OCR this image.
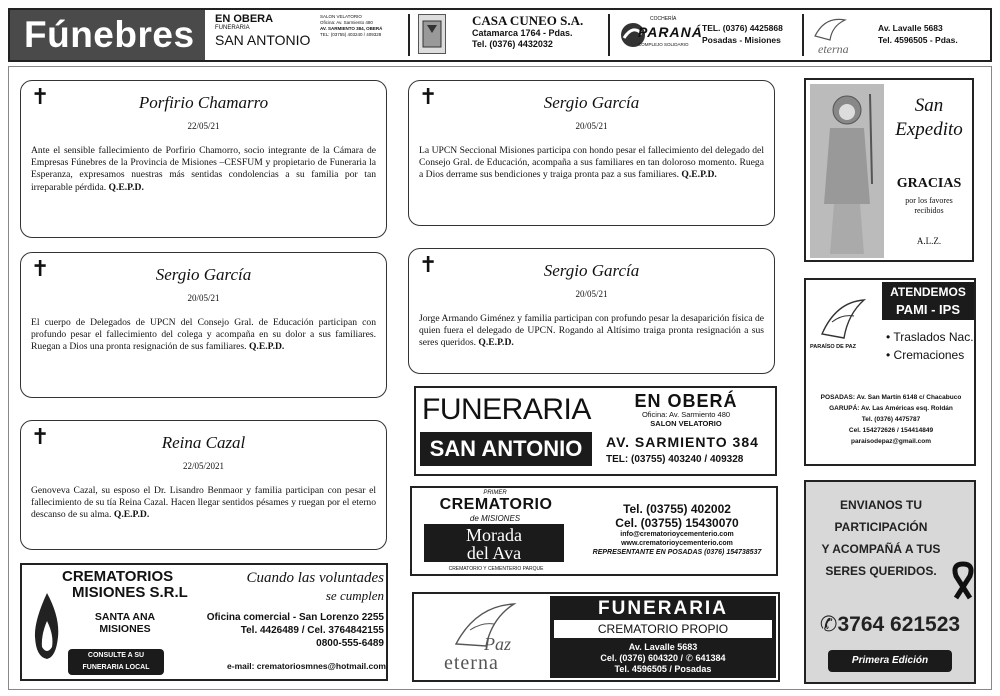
Fúnebres	EN OBERA
FUNERARIA
SAN ANTONIO
SALON VELATORIO
Oficina: Av. Sarmiento 480
AV. SARMIENTO 384, OBERÁ
TEL: (03755) 403240 / 409328
CASA CUNEO S.A.
Catamarca 1764 - Pdas.
Tel. (0376) 4432032
COCHERÍA
PARANÁ
COMPLEJO SOLIDARIO
TEL. (0376) 4425868
Posadas - Misiones
eterna
Av. Lavalle 5683
Tel. 4596505 - Pdas.
✝	Porfirio Chamarro
22/05/21
Ante el sensible fallecimiento de Porfirio Chamorro, socio integrante de la Cámara de Empresas Fúnebres de la Provincia de Misiones –CESFUM y propietario de Funeraria la Esperanza, expresamos nuestras más sentidas condolencias a su familia por tan irreparable pérdida. Q.E.P.D.
✝	Sergio García
20/05/21
El cuerpo de Delegados de UPCN del Consejo Gral. de Educación participan con profundo pesar el fallecimiento del colega y acompaña en su dolor a sus familiares. Ruegan a Dios una pronta resignación de sus familiares. Q.E.P.D.
✝	Reina Cazal
22/05/2021
Genoveva Cazal, su esposo el Dr. Lisandro Benmaor y familia participan con pesar el fallecimiento de su tía Reina Cazal. Hacen llegar sentidos pésames y ruegan por el eterno descanso de su alma. Q.E.P.D.
✝	Sergio García
20/05/21
La UPCN Seccional Misiones participa con hondo pesar el fallecimiento del delegado del Consejo Gral. de Educación, acompaña a sus familiares en tan doloroso momento. Ruega a Dios derrame sus bendiciones y traiga pronta paz a sus familiares. Q.E.P.D.
✝	Sergio García
20/05/21
Jorge Armando Giménez y familia participan con profundo pesar la desaparición física de quien fuera el delegado de UPCN. Rogando al Altísimo traiga pronta resignación a sus seres queridos. Q.E.P.D.
CREMATORIOS
MISIONES S.R.L
Cuando las voluntades
se cumplen
SANTA ANA
MISIONES
Oficina comercial - San Lorenzo 2255
Tel. 4426489 / Cel. 3764842155
0800-555-6489
CONSULTE A SU
FUNERARIA LOCAL	e-mail: crematoriosmnes@hotmail.com
FUNERARIA
SAN ANTONIO
EN OBERÁ
Oficina: Av. Sarmiento 480
SALON VELATORIO
AV. SARMIENTO 384
TEL: (03755) 403240 / 409328
PRIMER
CREMATORIO
de MISIONES
Morada
del Ava
CREMATORIO Y CEMENTERIO PARQUE
Tel. (03755) 402002
Cel. (03755) 15430070
info@crematorioycementerio.com
www.crematorioycementerio.com
REPRESENTANTE EN POSADAS (0376) 154738537
Paz
eterna
FUNERARIA
CREMATORIO PROPIO
Av. Lavalle 5683
Cel. (0376) 604320 / ✆ 641384
Tel. 4596505 / Posadas
San
Expedito
GRACIAS
por los favores
recibidos
A.L.Z.
PARAÍSO DE PAZ
ATENDEMOS
PAMI - IPS
• Traslados Nac.
• Cremaciones
POSADAS: Av. San Martín 6148 c/ Chacabuco
GARUPÁ: Av. Las Américas esq. Roldán
Tel. (0376) 4475787
Cel. 154272626 / 154414849
paraisodepaz@gmail.com
ENVIANOS TU
PARTICIPACIÓN
Y ACOMPAÑÁ A TUS
SERES QUERIDOS.
✆3764 621523
Primera Edición
